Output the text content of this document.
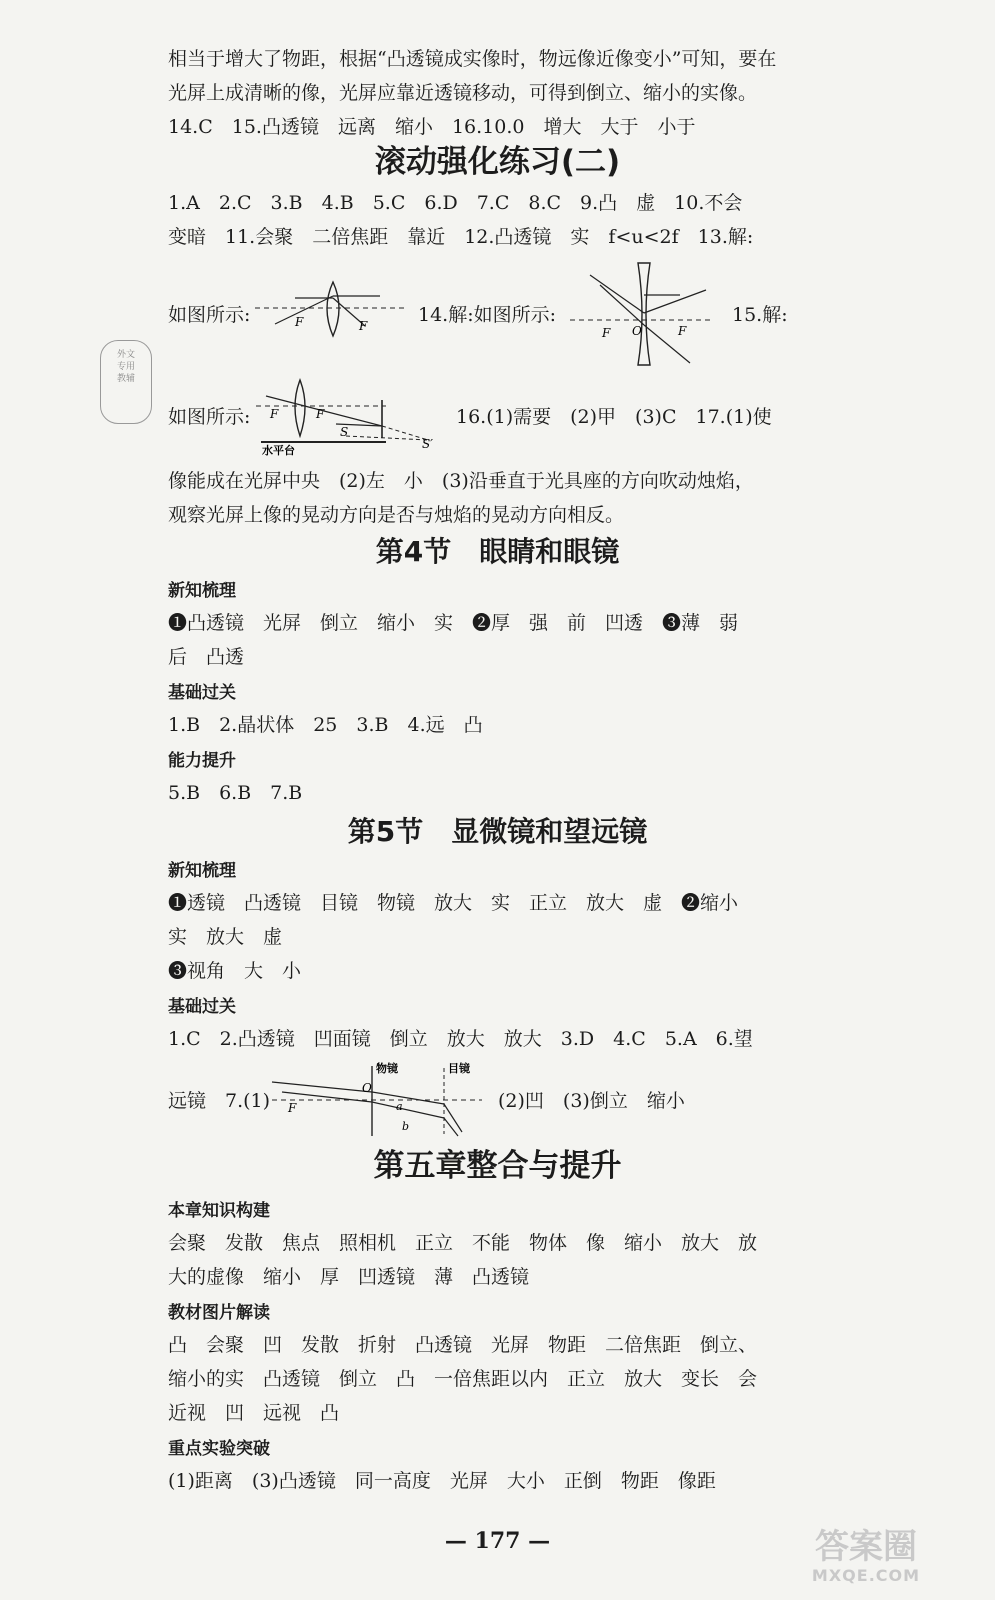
相当于增大了物距，根据“凸透镜成实像时，物远像近像变小”可知，要在
光屏上成清晰的像，光屏应靠近透镜移动，可得到倒立、缩小的实像。
14.C　15.凸透镜　远离　缩小　16.10.0　增大　大于　小于
滚动强化练习(二)
1.A　2.C　3.B　4.B　5.C　6.D　7.C　8.C　9.凸　虚　10.不会
变暗　11.会聚　二倍焦距　靠近　12.凸透镜　实　f<u<2f　13.解:
如图所示:	F	F	14.解:如图所示:
F O	F
15.解:
如图所示: F	F
S
S′
水平台
16.(1)需要　(2)甲　(3)C　17.(1)使
像能成在光屏中央　(2)左　小　(3)沿垂直于光具座的方向吹动烛焰，
观察光屏上像的晃动方向是否与烛焰的晃动方向相反。
外文
专用
教辅
第4节　眼睛和眼镜
新知梳理
❶凸透镜　光屏　倒立　缩小　实　❷厚　强　前　凹透　❸薄　弱
后　凸透
基础过关
1.B　2.晶状体　25　3.B　4.远　凸
能力提升
5.B　6.B　7.B
第5节　显微镜和望远镜
新知梳理
❶透镜　凸透镜　目镜　物镜　放大　实　正立　放大　虚　❷缩小
实　放大　虚
❸视角　大　小
基础过关
1.C　2.凸透镜　凹面镜　倒立　放大　放大　3.D　4.C　5.A　6.望
远镜　7.(1)
物镜	目镜
O
F	a
b
(2)凹　(3)倒立　缩小
第五章整合与提升
本章知识构建
会聚　发散　焦点　照相机　正立　不能　物体　像　缩小　放大　放
大的虚像　缩小　厚　凹透镜　薄　凸透镜
教材图片解读
凸　会聚　凹　发散　折射　凸透镜　光屏　物距　二倍焦距　倒立、
缩小的实　凸透镜　倒立　凸　一倍焦距以内　正立　放大　变长　会
近视　凹　远视　凸
重点实验突破
(1)距离　(3)凸透镜　同一高度　光屏　大小　正倒　物距　像距
— 177 —	答案圈
MXQE.COM
